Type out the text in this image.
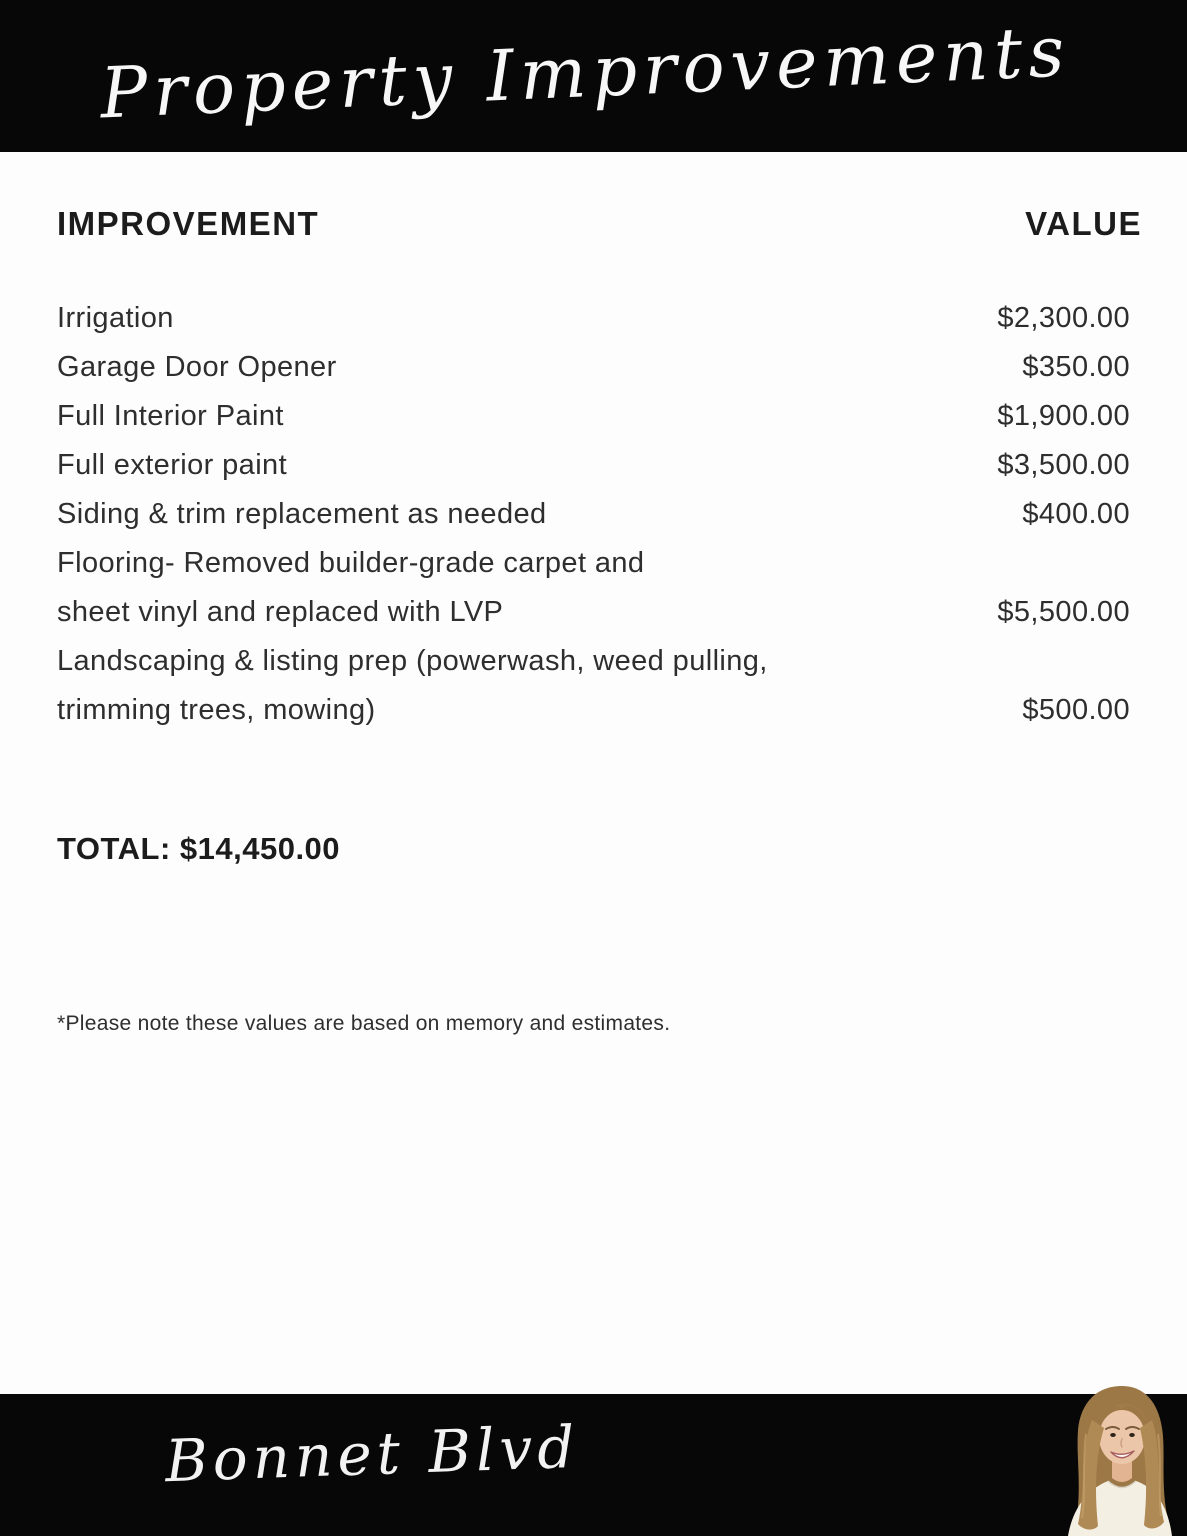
Property Improvements
IMPROVEMENT	VALUE
Irrigation	$2,300.00
Garage Door Opener	$350.00
Full Interior Paint	$1,900.00
Full exterior paint	$3,500.00
Siding & trim replacement as needed	$400.00
Flooring- Removed builder-grade carpet and
sheet vinyl and replaced with LVP	$5,500.00
Landscaping & listing prep (powerwash, weed pulling,
trimming trees, mowing)	$500.00
TOTAL: $14,450.00
*Please note these values are based on memory and estimates.
Bonnet Blvd
